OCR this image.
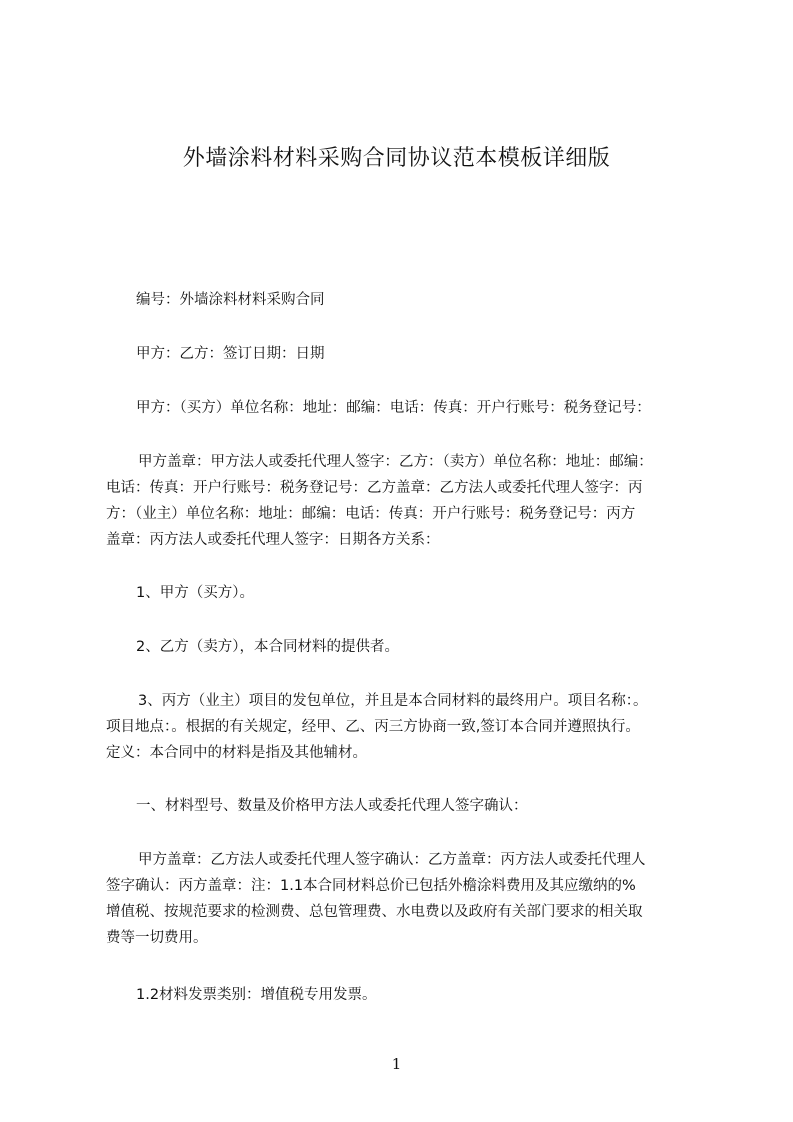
外墙涂料材料采购合同协议范本模板详细版

编号：外墙涂料材料采购合同

甲方：乙方：签订日期：日期

甲方：（买方）单位名称：地址：邮编：电话：传真：开户行账号：税务登记号：

甲方盖章：甲方法人或委托代理人签字：乙方：（卖方）单位名称：地址：邮编：
电话：传真：开户行账号：税务登记号：乙方盖章：乙方法人或委托代理人签字：丙
方：（业主）单位名称：地址：邮编：电话：传真：开户行账号：税务登记号：丙方
盖章：丙方法人或委托代理人签字：日期各方关系：

1、甲方（买方）。

2、乙方（卖方），本合同材料的提供者。

3、丙方（业主）项目的发包单位，并且是本合同材料的最终用户。项目名称：。
项目地点：。根据的有关规定，经甲、乙、丙三方协商一致,签订本合同并遵照执行。
定义：本合同中的材料是指及其他辅材。

一、材料型号、数量及价格甲方法人或委托代理人签字确认：

甲方盖章：乙方法人或委托代理人签字确认：乙方盖章：丙方法人或委托代理人
签字确认：丙方盖章：注：1.1本合同材料总价已包括外檐涂料费用及其应缴纳的%
增值税、按规范要求的检测费、总包管理费、水电费以及政府有关部门要求的相关取
费等一切费用。

1.2材料发票类别：增值税专用发票。

1
